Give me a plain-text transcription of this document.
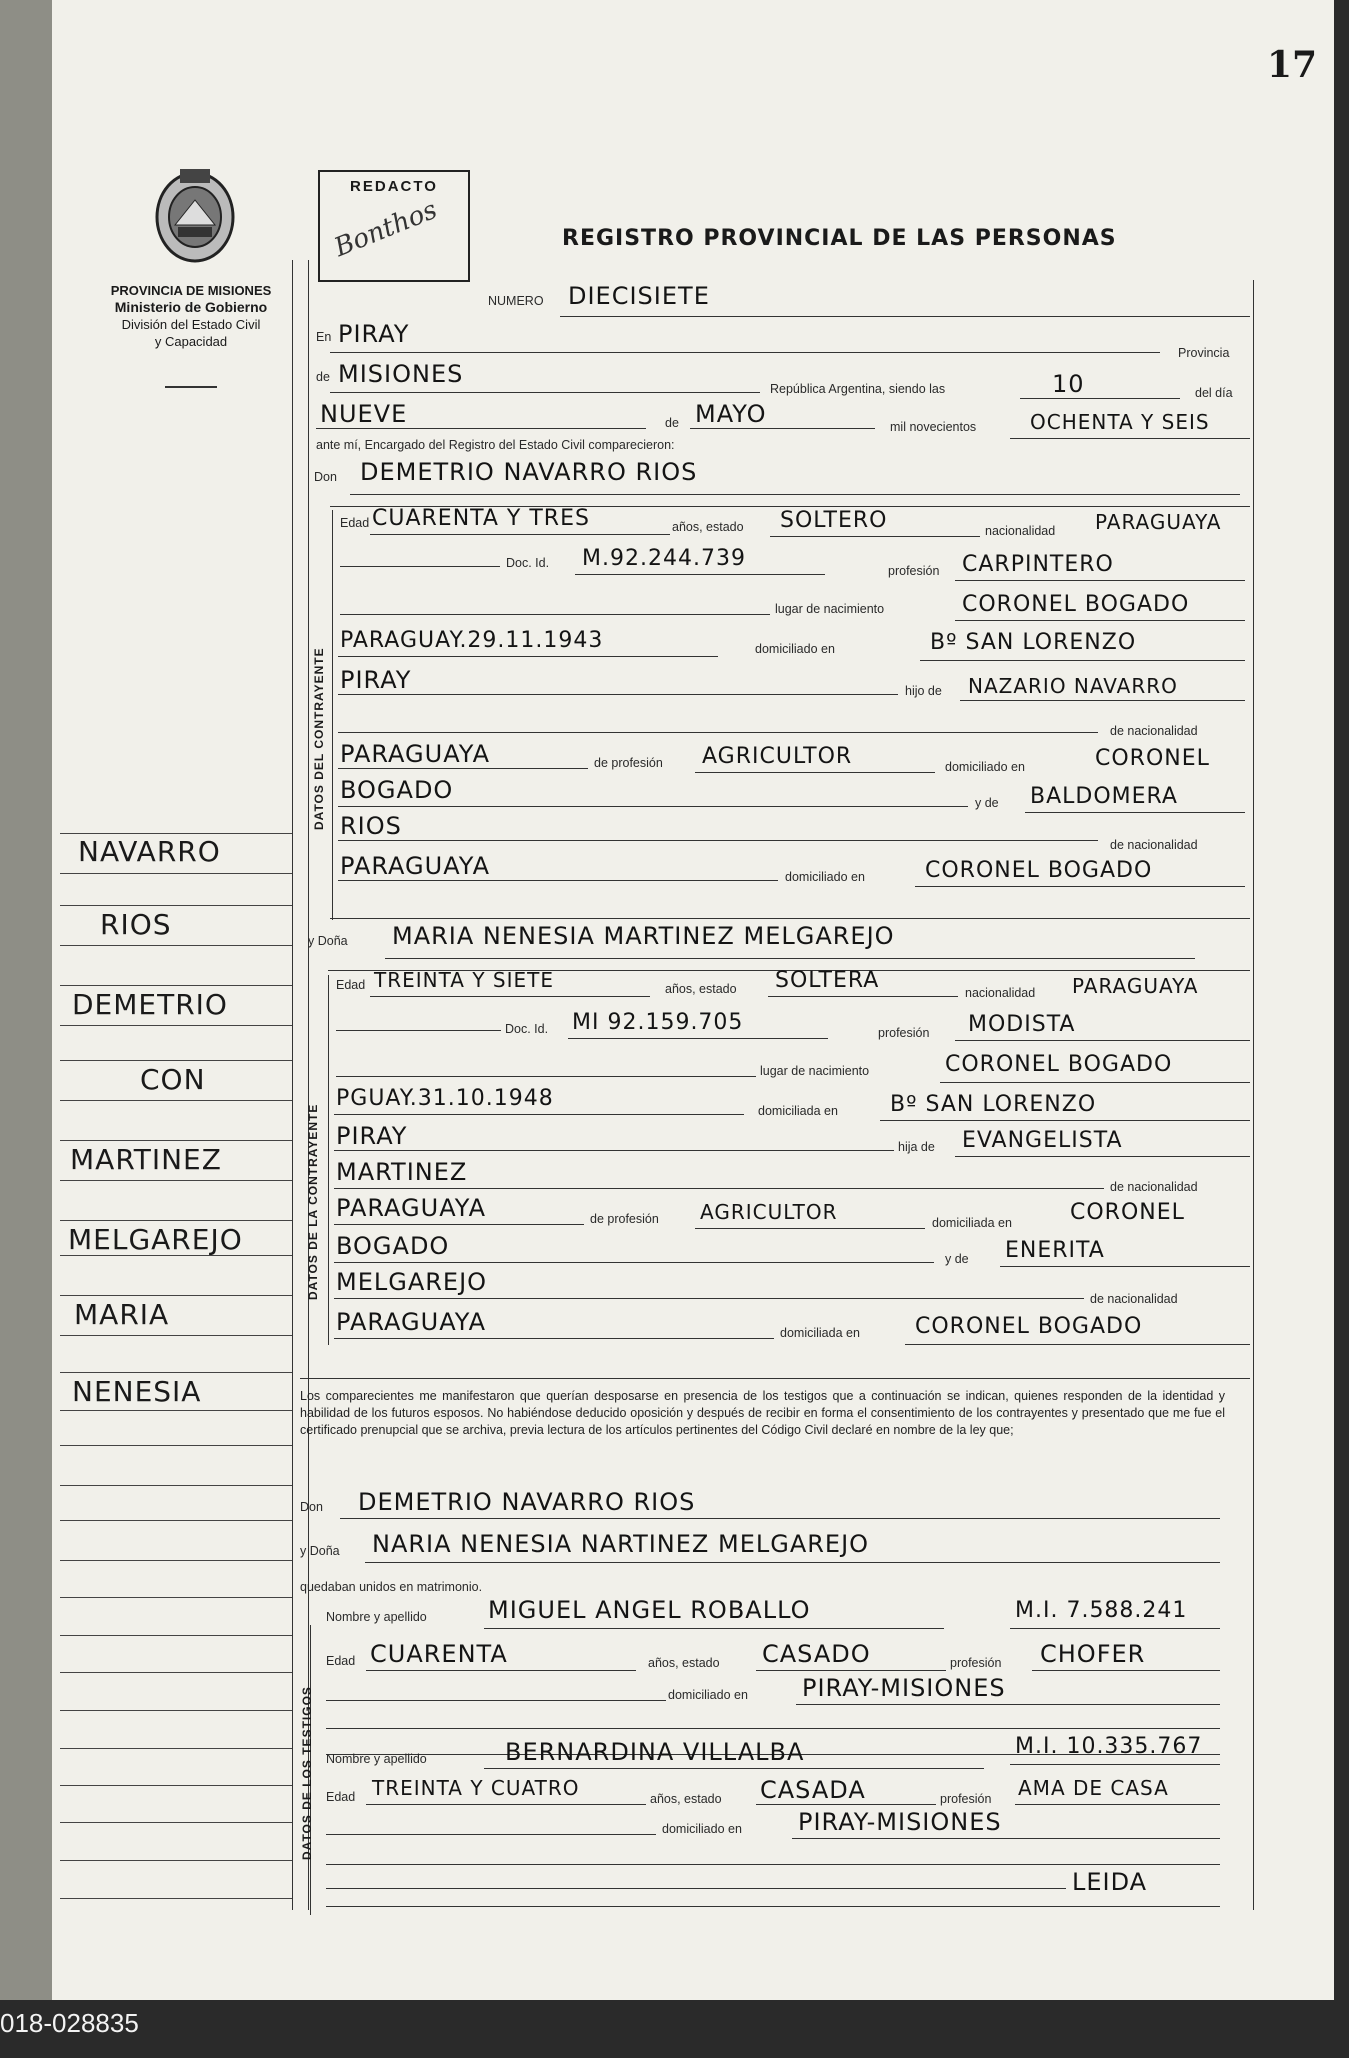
018-028835
17
PROVINCIA DE MISIONES
Ministerio de Gobierno
División del Estado Civil
y Capacidad
REDACTO
Bonthos	REGISTRO PROVINCIAL DE LAS PERSONAS
NUMERO DIECISIETE
En PIRAY
Provincia
de MISIONES
República Argentina, siendo las	10	del día
NUEVE	de MAYO	mil novecientos	OCHENTA Y SEIS
ante mí, Encargado del Registro del Estado Civil comparecieron:
Don DEMETRIO NAVARRO RIOS
DATOS DEL CONTRAYENTE
Edad CUARENTA Y TRES	años, estado SOLTERO	nacionalidad PARAGUAYA
Doc. Id. M.92.244.739	profesión CARPINTERO
lugar de nacimiento	CORONEL BOGADO
PARAGUAY.29.11.1943	domiciliado en	Bº SAN LORENZO
PIRAY	hijo de NAZARIO NAVARRO
de nacionalidad
PARAGUAYA	de profesión AGRICULTOR	domiciliado en	CORONEL
BOGADO	y de BALDOMERA
RIOS
de nacionalidad
PARAGUAYA	domiciliado en	CORONEL BOGADO
y Doña MARIA NENESIA MARTINEZ MELGAREJO
DATOS DE LA CONTRAYENTE
Edad TREINTA Y SIETE	años, estado SOLTERA	nacionalidad PARAGUAYA
Doc. Id. MI 92.159.705	profesión MODISTA
lugar de nacimiento	CORONEL BOGADO
PGUAY.31.10.1948	domiciliada en Bº SAN LORENZO
PIRAY	hija de EVANGELISTA
MARTINEZ
de nacionalidad
PARAGUAYA	de profesión AGRICULTOR	domiciliada en	CORONEL
BOGADO	y de ENERITA
MELGAREJO
de nacionalidad
PARAGUAYA	domiciliada en	CORONEL BOGADO
Los comparecientes me manifestaron que querían desposarse en presencia de los testigos que a continuación se indican, quienes responden de la identidad y habilidad de los futuros esposos. No habiéndose deducido oposición y después de recibir en forma el consentimiento de los contrayentes y presentado que me fue el certificado prenupcial que se archiva, previa lectura de los artículos pertinentes del Código Civil declaré en nombre de la ley que;
Don DEMETRIO NAVARRO RIOS
y Doña NARIA NENESIA NARTINEZ MELGAREJO
quedaban unidos en matrimonio.
DATOS DE LOS TESTIGOS
Nombre y apellido	MIGUEL ANGEL ROBALLO	M.I. 7.588.241
Edad CUARENTA	años, estado CASADO	profesión CHOFER
domiciliado en PIRAY-MISIONES
Nombre y apellido	BERNARDINA VILLALBA	M.I. 10.335.767
Edad TREINTA Y CUATRO	años, estado CASADA	profesión AMA DE CASA
domiciliado en PIRAY-MISIONES
LEIDA
NAVARRO
RIOS
DEMETRIO
CON
MARTINEZ
MELGAREJO
MARIA
NENESIA
